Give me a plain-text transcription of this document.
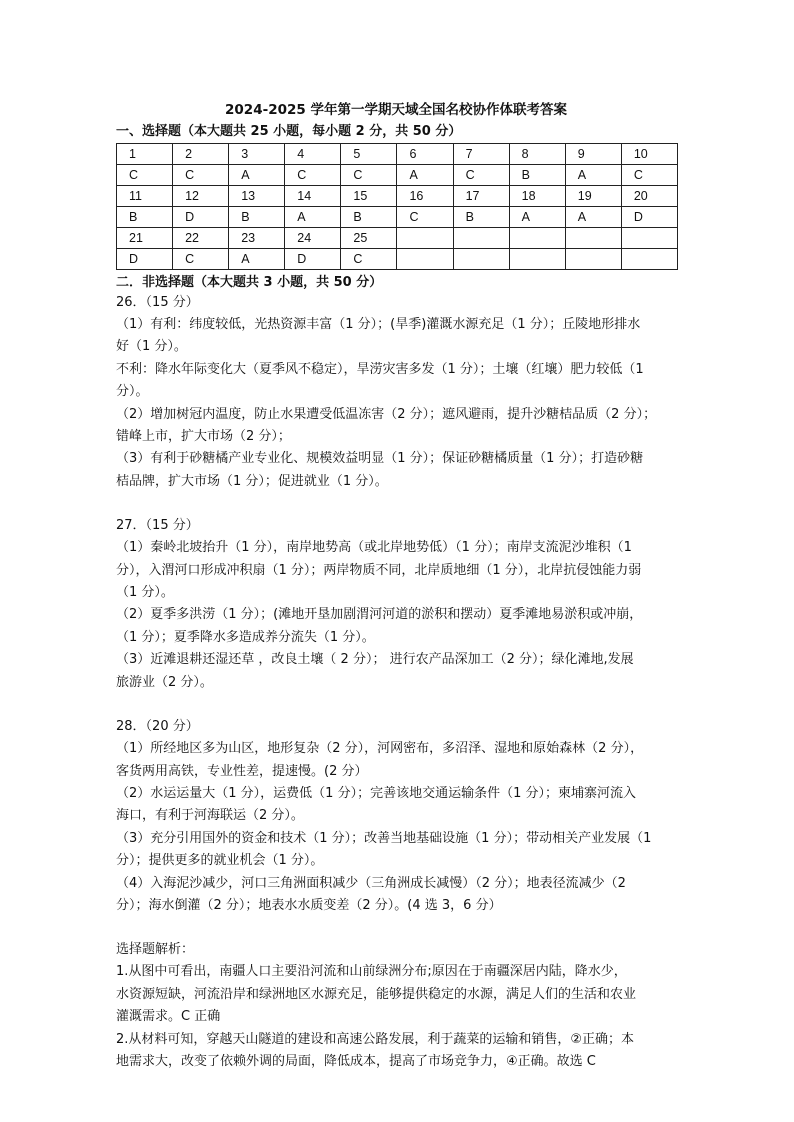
2024-2025 学年第一学期天域全国名校协作体联考答案

一、选择题（本大题共 25 小题，每小题 2 分，共 50 分）

1	2	3	4	5	6	7	8	9	10
C	C	A	C	C	A	C	B	A	C
11	12	13	14	15	16	17	18	19	20
B	D	B	A	B	C	B	A	A	D
21	22	23	24	25					
D	C	A	D	C					

二．非选择题（本大题共 3 小题，共 50 分）

26．（15 分）

（1）有利：纬度较低，光热资源丰富（1 分）；(旱季)灌溉水源充足（1 分）；丘陵地形排水

好（1 分）。

不利：降水年际变化大（夏季风不稳定），旱涝灾害多发（1 分）；土壤（红壤）肥力较低（1

分）。

（2）增加树冠内温度，防止水果遭受低温冻害（2 分）；遮风避雨，提升沙糖桔品质（2 分）；

错峰上市，扩大市场（2 分）；

（3）有利于砂糖橘产业专业化、规模效益明显（1 分）；保证砂糖橘质量（1 分）；打造砂糖

桔品牌，扩大市场（1 分）；促进就业（1 分）。

27．（15 分）

（1）秦岭北坡抬升（1 分），南岸地势高（或北岸地势低）（1 分）；南岸支流泥沙堆积（1

分），入渭河口形成冲积扇（1 分）；两岸物质不同，北岸质地细（1 分），北岸抗侵蚀能力弱

（1 分）。

（2）夏季多洪涝（1 分）；(滩地开垦加剧渭河河道的淤积和摆动）夏季滩地易淤积或冲崩，

（1 分）；夏季降水多造成养分流失（1 分）。

（3）近滩退耕还湿还草 ，改良土壤（ 2 分）； 进行农产品深加工（2 分）；绿化滩地,发展

旅游业（2 分）。

28．（20 分）

（1）所经地区多为山区，地形复杂（2 分），河网密布，多沼泽、湿地和原始森林（2 分），

客货两用高铁，专业性差，提速慢。(2 分）

（2）水运运量大（1 分），运费低（1 分）；完善该地交通运输条件（1 分）；柬埔寨河流入

海口，有利于河海联运（2 分）。

（3）充分引用国外的资金和技术（1 分）；改善当地基础设施（1 分）；带动相关产业发展（1

分）；提供更多的就业机会（1 分）。

（4）入海泥沙减少，河口三角洲面积减少（三角洲成长减慢）（2 分）；地表径流减少（2

分）；海水倒灌（2 分）；地表水水质变差（2 分）。(4 选 3，6 分）

选择题解析：

1.从图中可看出，南疆人口主要沿河流和山前绿洲分布;原因在于南疆深居内陆，降水少，

水资源短缺，河流沿岸和绿洲地区水源充足，能够提供稳定的水源，满足人们的生活和农业

灌溉需求。C 正确

2.从材料可知，穿越天山隧道的建设和高速公路发展，利于蔬菜的运输和销售，②正确；本

地需求大，改变了依赖外调的局面，降低成本，提高了市场竞争力，④正确。故选 C
